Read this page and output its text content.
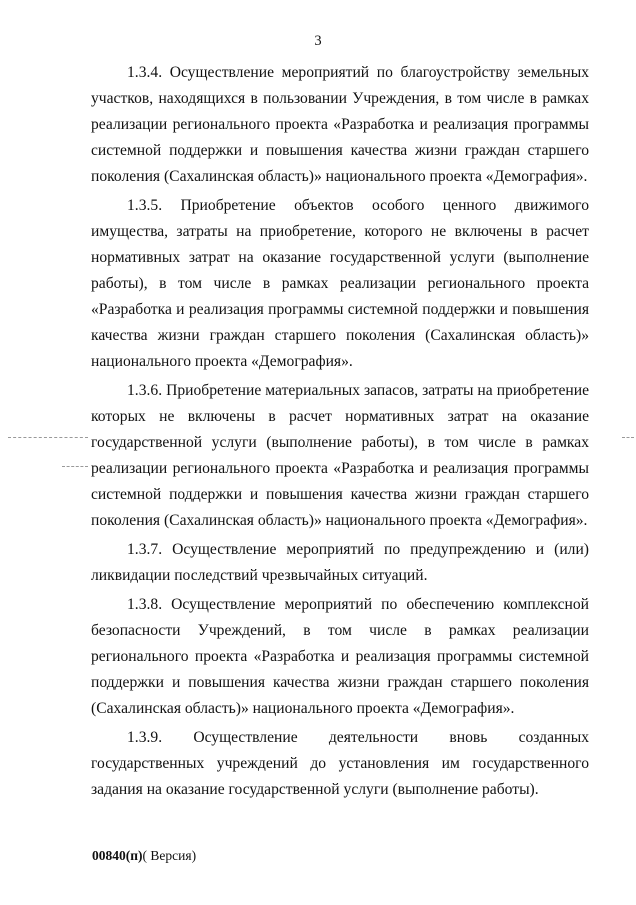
3

1.3.4. Осуществление мероприятий по благоустройству земельных участков, находящихся в пользовании Учреждения, в том числе в рамках реализации регионального проекта «Разработка и реализация программы системной поддержки и повышения качества жизни граждан старшего поколения (Сахалинская область)» национального проекта «Демография».

1.3.5. Приобретение объектов особого ценного движимого имущества, затраты на приобретение, которого не включены в расчет нормативных затрат на оказание государственной услуги (выполнение работы), в том числе в рамках реализации регионального проекта «Разработка и реализация программы системной поддержки и повышения качества жизни граждан старшего поколения (Сахалинская область)» национального проекта «Демография».

1.3.6. Приобретение материальных запасов, затраты на приобретение которых не включены в расчет нормативных затрат на оказание государственной услуги (выполнение работы), в том числе в рамках реализации регионального проекта «Разработка и реализация программы системной поддержки и повышения качества жизни граждан старшего поколения (Сахалинская область)» национального проекта «Демография».

1.3.7. Осуществление мероприятий по предупреждению и (или) ликвидации последствий чрезвычайных ситуаций.

1.3.8. Осуществление мероприятий по обеспечению комплексной безопасности Учреждений, в том числе в рамках реализации регионального проекта «Разработка и реализация программы системной поддержки и повышения качества жизни граждан старшего поколения (Сахалинская область)» национального проекта «Демография».

1.3.9. Осуществление деятельности вновь созданных государственных учреждений до установления им государственного задания на оказание государственной услуги (выполнение работы).

00840(п)( Версия)
